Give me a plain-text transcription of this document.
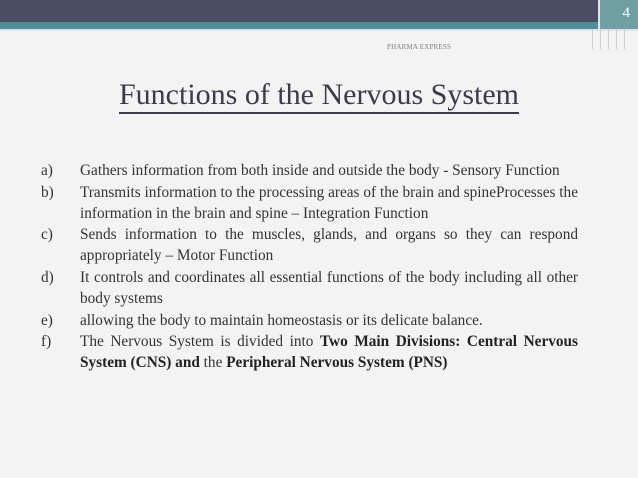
4
PHARMA EXPRESS
Functions of the Nervous System
a)	Gathers information from both inside and outside the body - Sensory Function
b)	Transmits information to the processing areas of the brain and spineProcesses the information in the brain and spine – Integration Function
c)	Sends information to the muscles, glands, and organs so they can respond appropriately – Motor Function
d)	It controls and coordinates all essential functions of the body including all other body systems
e)	allowing the body to maintain homeostasis or its delicate balance.
f)	The Nervous System is divided into Two Main Divisions: Central Nervous System (CNS) and the Peripheral Nervous System (PNS)
